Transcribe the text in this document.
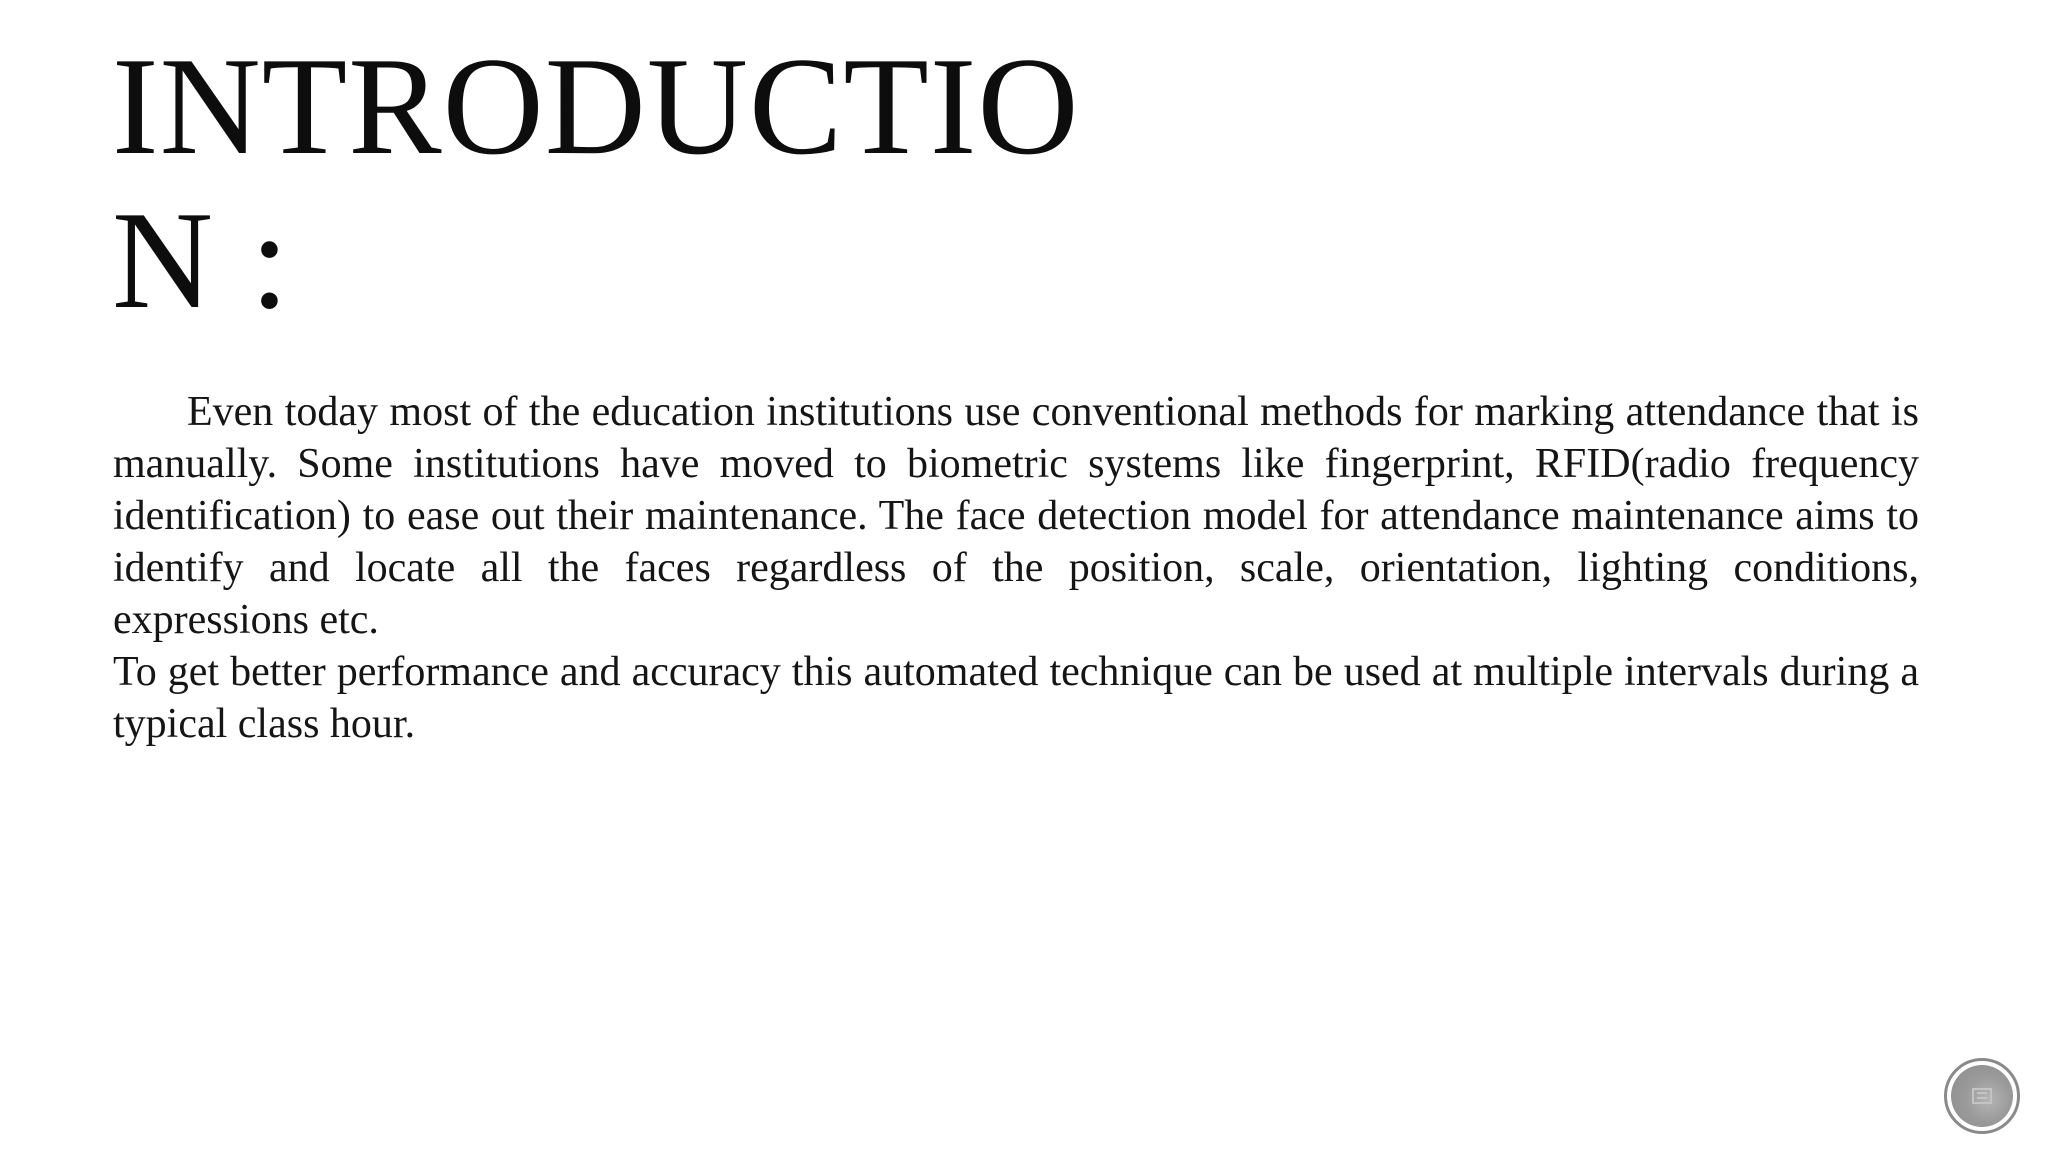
INTRODUCTION :

Even today most of the education institutions use conventional methods for marking attendance that is manually. Some institutions have moved to biometric systems like fingerprint, RFID(radio frequency identification) to ease out their maintenance. The face detection model for attendance maintenance aims to identify and locate all the faces regardless of the position, scale, orientation, lighting conditions, expressions etc.

To get better performance and accuracy this automated technique can be used at multiple intervals during a typical class hour.
